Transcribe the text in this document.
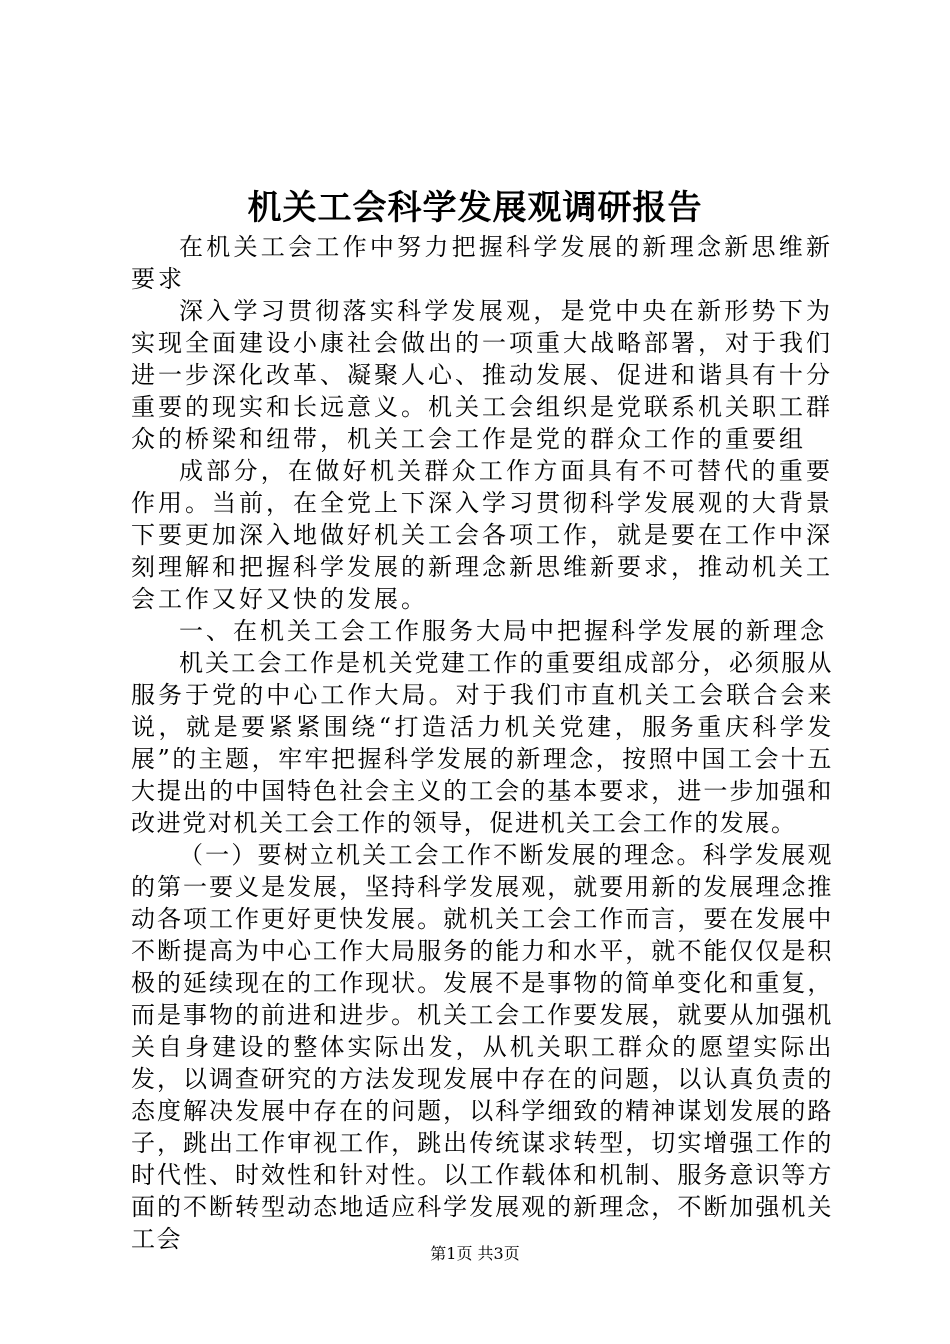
机关工会科学发展观调研报告

在机关工会工作中努力把握科学发展的新理念新思维新要求

深入学习贯彻落实科学发展观，是党中央在新形势下为实现全面建设小康社会做出的一项重大战略部署，对于我们进一步深化改革、凝聚人心、推动发展、促进和谐具有十分重要的现实和长远意义。机关工会组织是党联系机关职工群众的桥梁和纽带，机关工会工作是党的群众工作的重要组

成部分，在做好机关群众工作方面具有不可替代的重要作用。当前，在全党上下深入学习贯彻科学发展观的大背景下要更加深入地做好机关工会各项工作，就是要在工作中深刻理解和把握科学发展的新理念新思维新要求，推动机关工会工作又好又快的发展。

一、在机关工会工作服务大局中把握科学发展的新理念

机关工会工作是机关党建工作的重要组成部分，必须服从服务于党的中心工作大局。对于我们市直机关工会联合会来说，就是要紧紧围绕“打造活力机关党建，服务重庆科学发展”的主题，牢牢把握科学发展的新理念，按照中国工会十五大提出的中国特色社会主义的工会的基本要求，进一步加强和改进党对机关工会工作的领导，促进机关工会工作的发展。

（一）要树立机关工会工作不断发展的理念。科学发展观的第一要义是发展，坚持科学发展观，就要用新的发展理念推动各项工作更好更快发展。就机关工会工作而言，要在发展中不断提高为中心工作大局服务的能力和水平，就不能仅仅是积极的延续现在的工作现状。发展不是事物的简单变化和重复，而是事物的前进和进步。机关工会工作要发展，就要从加强机关自身建设的整体实际出发，从机关职工群众的愿望实际出发，以调查研究的方法发现发展中存在的问题，以认真负责的态度解决发展中存在的问题，以科学细致的精神谋划发展的路子，跳出工作审视工作，跳出传统谋求转型，切实增强工作的时代性、时效性和针对性。以工作载体和机制、服务意识等方面的不断转型动态地适应科学发展观的新理念，不断加强机关工会

第1页 共3页
